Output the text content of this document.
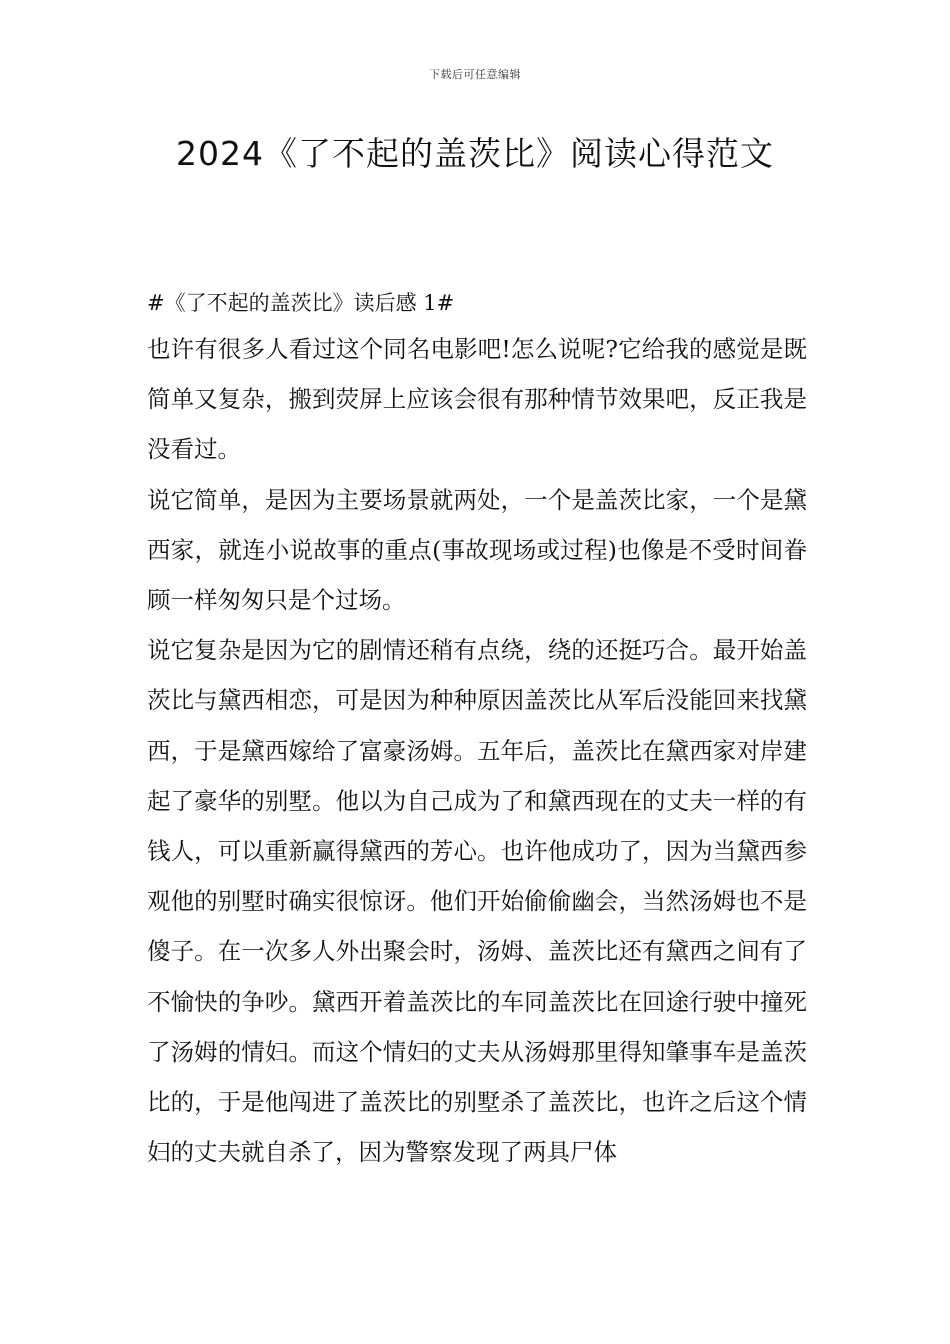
下载后可任意编辑
2024《了不起的盖茨比》阅读心得范文

#《了不起的盖茨比》读后感 1#

也许有很多人看过这个同名电影吧!怎么说呢?它给我的感觉是既简单又复杂，搬到荧屏上应该会很有那种情节效果吧，反正我是没看过。

说它简单，是因为主要场景就两处，一个是盖茨比家，一个是黛西家，就连小说故事的重点(事故现场或过程)也像是不受时间眷顾一样匆匆只是个过场。

说它复杂是因为它的剧情还稍有点绕，绕的还挺巧合。最开始盖茨比与黛西相恋，可是因为种种原因盖茨比从军后没能回来找黛西，于是黛西嫁给了富豪汤姆。五年后，盖茨比在黛西家对岸建起了豪华的别墅。他以为自己成为了和黛西现在的丈夫一样的有钱人，可以重新赢得黛西的芳心。也许他成功了，因为当黛西参观他的别墅时确实很惊讶。他们开始偷偷幽会，当然汤姆也不是傻子。在一次多人外出聚会时，汤姆、盖茨比还有黛西之间有了不愉快的争吵。黛西开着盖茨比的车同盖茨比在回途行驶中撞死了汤姆的情妇。而这个情妇的丈夫从汤姆那里得知肇事车是盖茨比的，于是他闯进了盖茨比的别墅杀了盖茨比，也许之后这个情妇的丈夫就自杀了，因为警察发现了两具尸体
